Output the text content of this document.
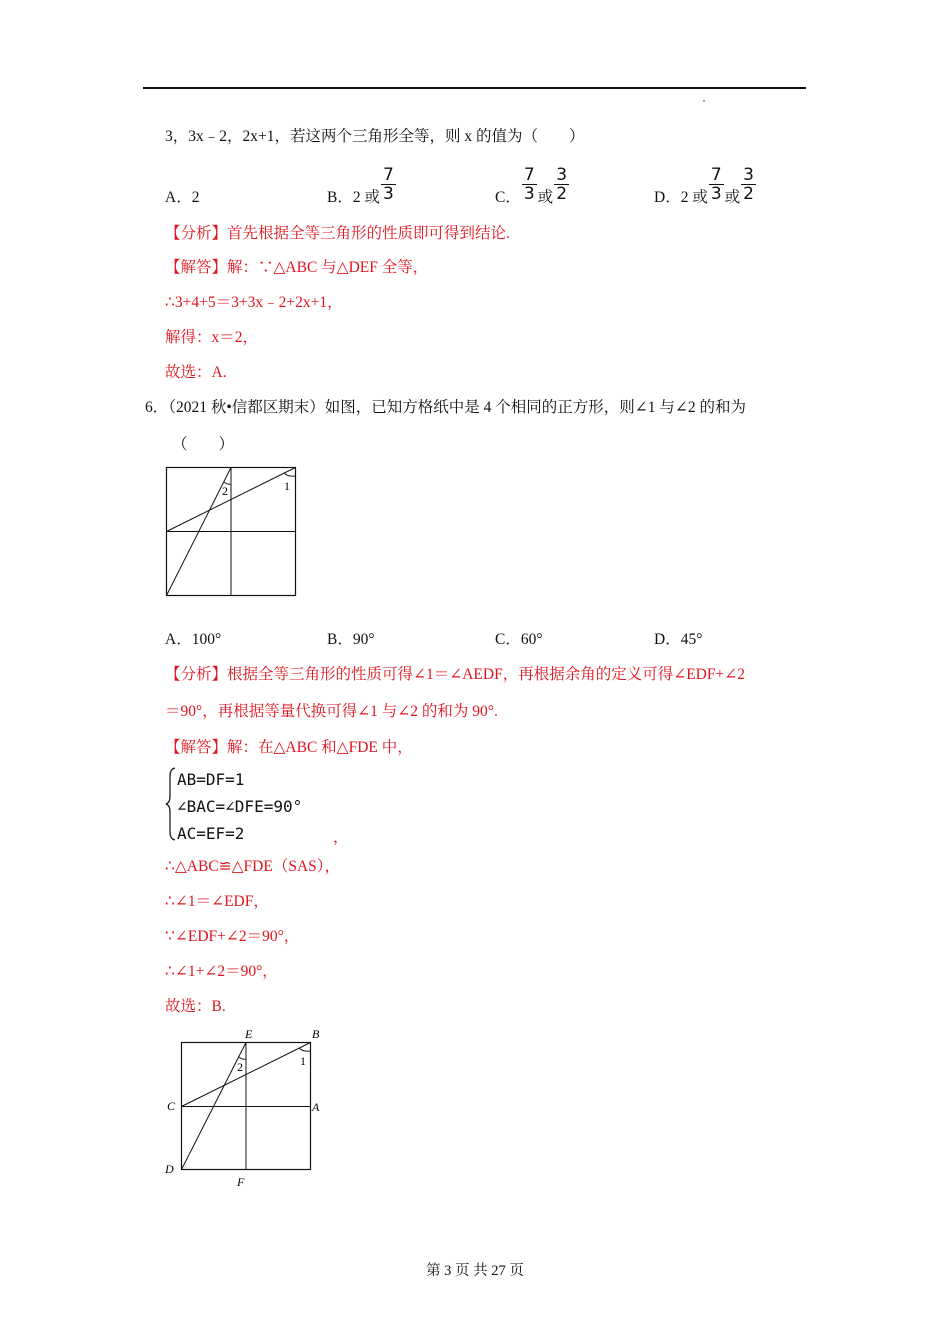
3，3x﹣2，2x+1，若这两个三角形全等，则 x 的值为（　　）
A．2	B．2 或 $\frac{7}{3}$	C． $\frac{7}{3}$ 或 $\frac{3}{2}$	D．2 或 $\frac{7}{3}$ 或 $\frac{3}{2}$
【分析】首先根据全等三角形的性质即可得到结论.
【解答】解：∵△ABC 与△DEF 全等，
∴3+4+5＝3+3x﹣2+2x+1，
解得：x＝2，
故选：A.
6．（2021 秋•信都区期末）如图，已知方格纸中是 4 个相同的正方形，则∠1 与∠2 的和为
（　　）
1
2
A．100°	B．90°	C．60°	D．45°
【分析】根据全等三角形的性质可得∠1＝∠AEDF，再根据余角的定义可得∠EDF+∠2
＝90°，再根据等量代换可得∠1 与∠2 的和为 90°.
【解答】解：在△ABC 和△FDE 中，
AB=DF=1
∠BAC=∠DFE=90°
AC=EF=2	，
∴△ABC≌△FDE（SAS），
∴∠1＝∠EDF，
∵∠EDF+∠2＝90°，
∴∠1+∠2＝90°，
故选：B.
E	B
C	A
D
F
1
2
第 3 页 共 27 页
